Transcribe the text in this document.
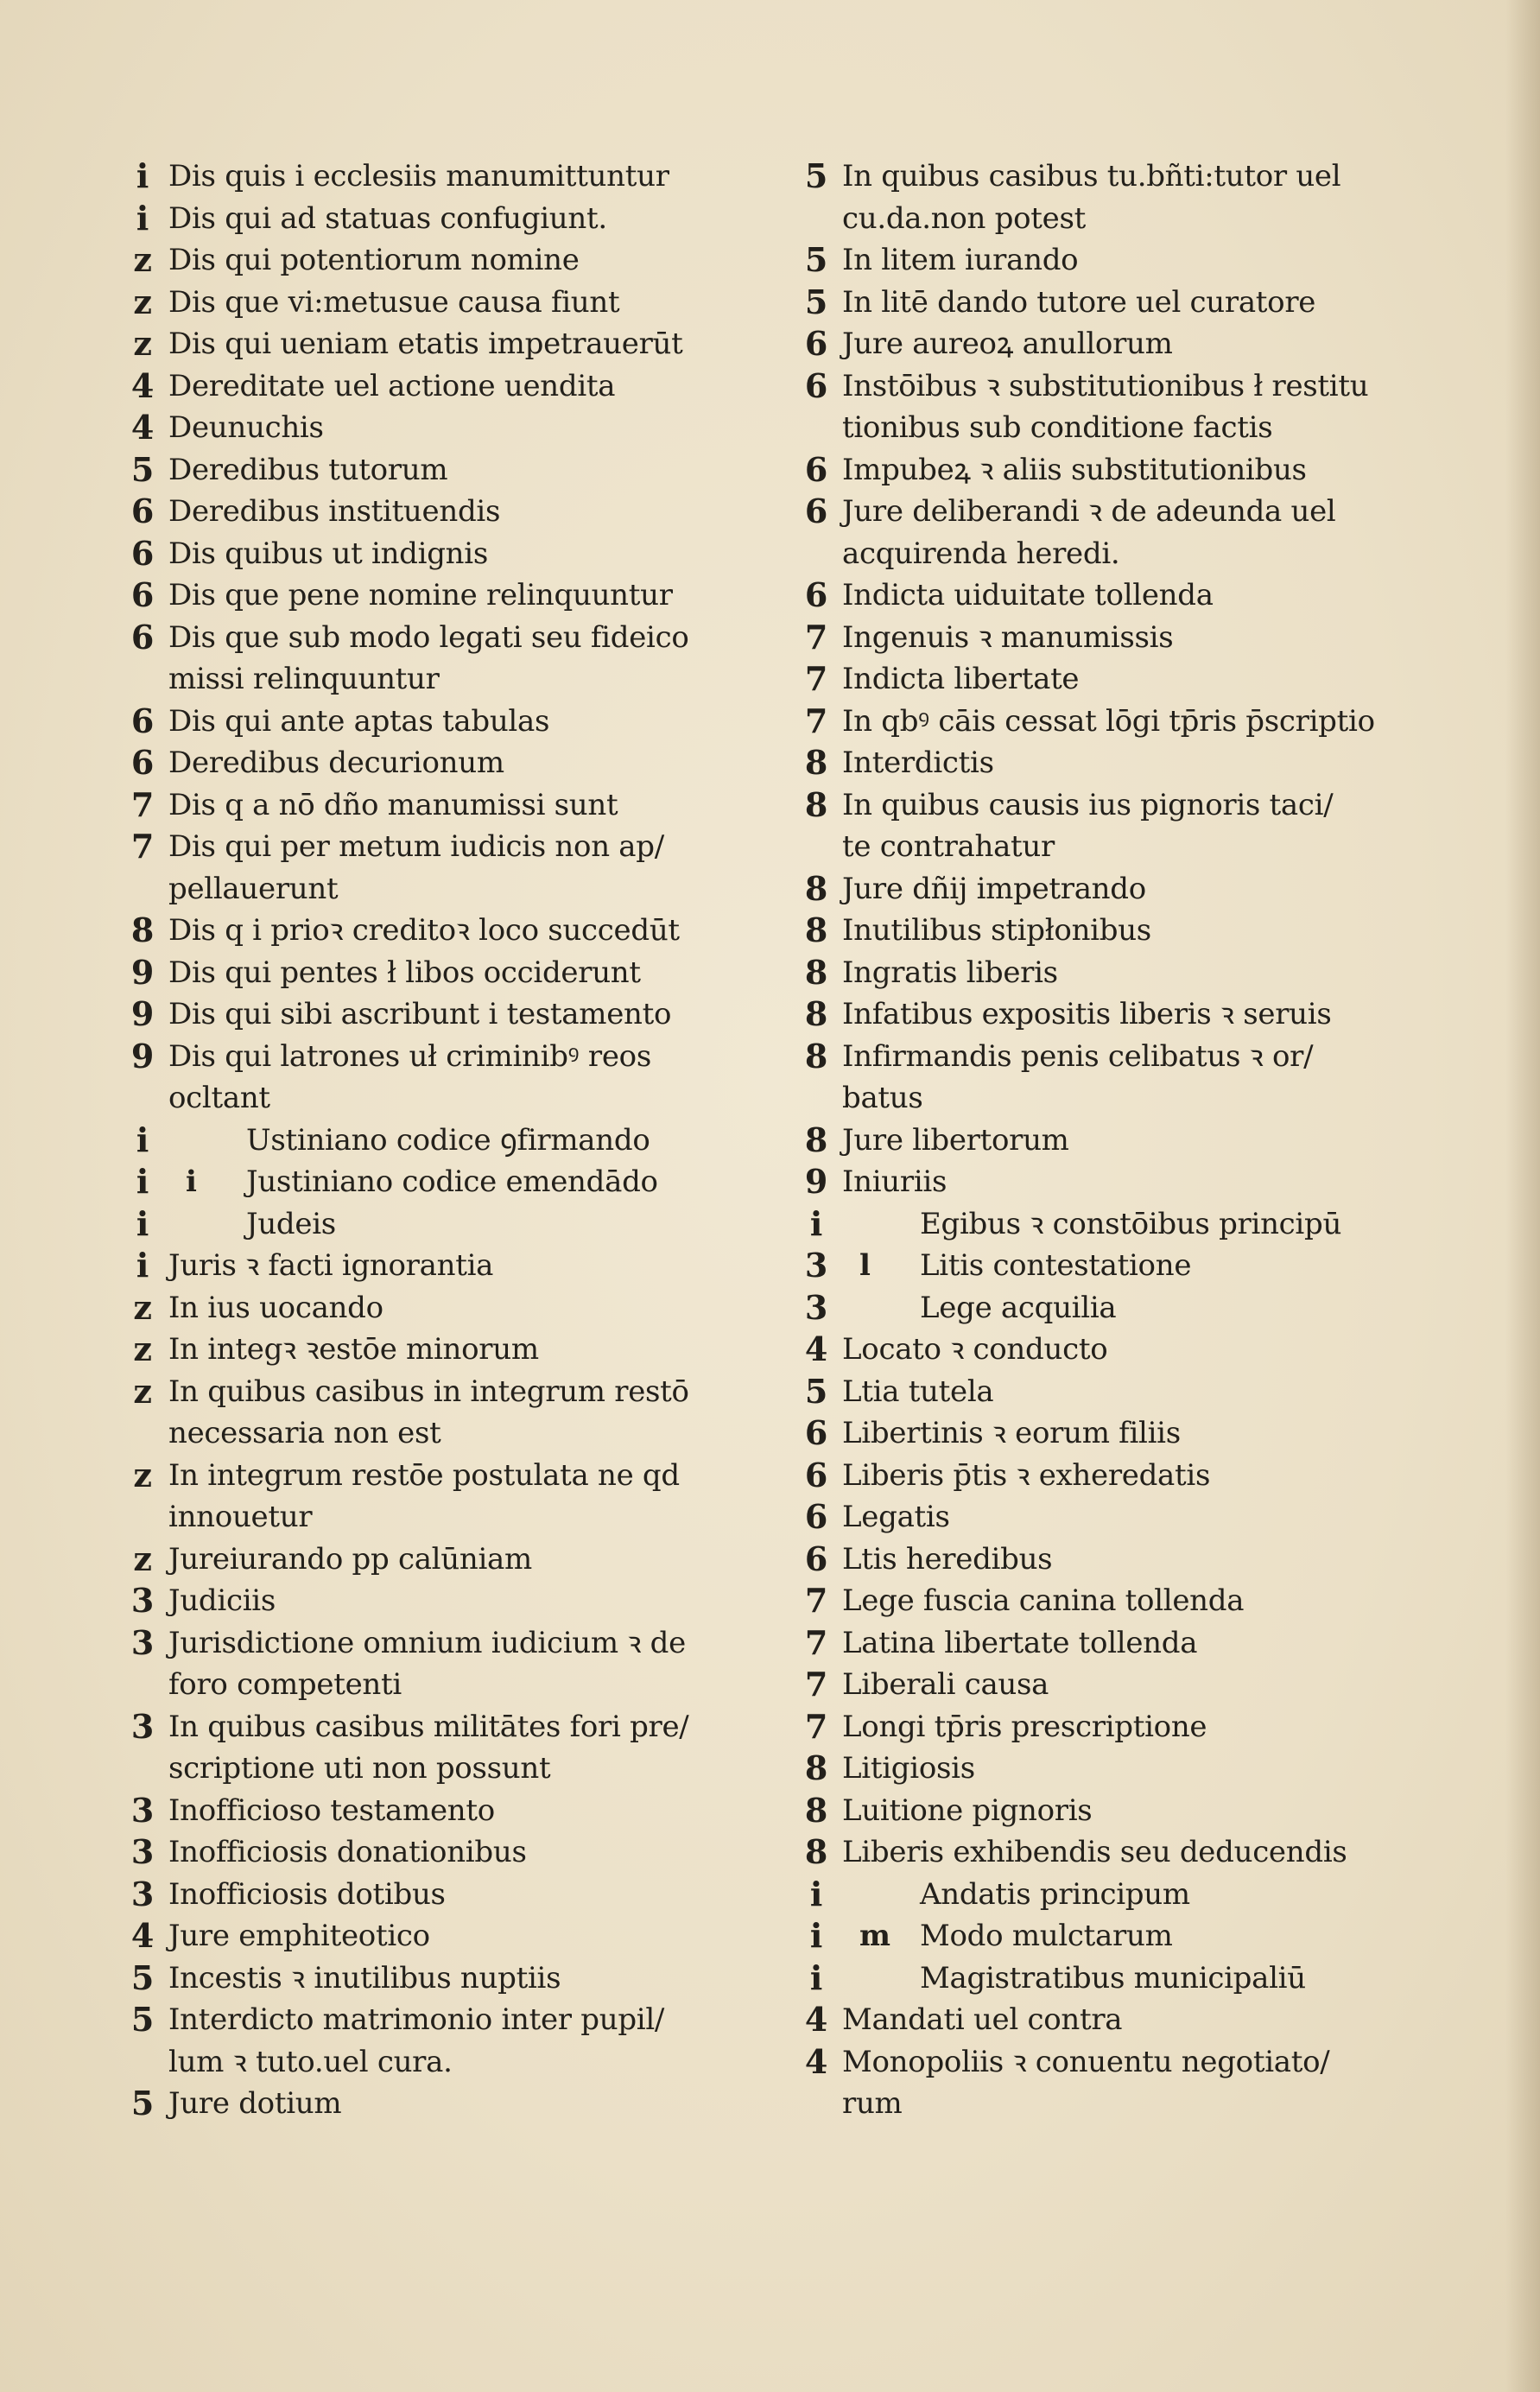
i Dis quis i ecclesiis manumittuntur
i Dis qui ad statuas confugiunt.
z Dis qui potentiorum nomine
z Dis que vi:metusue causa fiunt
z Dis qui ueniam etatis impetrauerūt
4 Dereditate uel actione uendita
4 Deunuchis
5 Deredibus tutorum
6 Deredibus instituendis
6 Dis quibus ut indignis
6 Dis que pene nomine relinquuntur
6 Dis que sub modo legati seu fideico
missi relinquuntur
6 Dis qui ante aptas tabulas
6 Deredibus decurionum
7 Dis q a nō dño manumissi sunt
7 Dis qui per metum iudicis non ap/
pellauerunt
8 Dis q i prioꝛ creditoꝛ loco succedūt
9 Dis qui pentes ł libos occiderunt
9 Dis qui sibi ascribunt i testamento
9 Dis qui latrones uł criminibꝰ reos
ocltant
i	Ustiniano codice ꝯfirmando
i	i Justiniano codice emendādo
i	Judeis
i Juris ꝛ facti ignorantia
z In ius uocando
z In integꝛ ꝛestōe minorum
z In quibus casibus in integrum restō
necessaria non est
z In integrum restōe postulata ne qd
innouetur
z Jureiurando pp calūniam
3 Judiciis
3 Jurisdictione omnium iudicium ꝛ de
foro competenti
3 In quibus casibus militātes fori pre/
scriptione uti non possunt
3 Inofficioso testamento
3 Inofficiosis donationibus
3 Inofficiosis dotibus
4 Jure emphiteotico
5 Incestis ꝛ inutilibus nuptiis
5 Interdicto matrimonio inter pupil/
lum ꝛ tuto.uel cura.
5 Jure dotium
5 In quibus casibus tu.bñti:tutor uel
cu.da.non potest
5 In litem iurando
5 In litē dando tutore uel curatore
6 Jure aureoꝝ anullorum
6 Instōibus ꝛ substitutionibus ł restitu
tionibus sub conditione factis
6 Impubeꝝ ꝛ aliis substitutionibus
6 Jure deliberandi ꝛ de adeunda uel
acquirenda heredi.
6 Indicta uiduitate tollenda
7 Ingenuis ꝛ manumissis
7 Indicta libertate
7 In qbꝰ cāis cessat lōgi tp̄ris p̄scriptio
8 Interdictis
8 In quibus causis ius pignoris taci/
te contrahatur
8 Jure dñij impetrando
8 Inutilibus stipłonibus
8 Ingratis liberis
8 Infatibus expositis liberis ꝛ seruis
8 Infirmandis penis celibatus ꝛ or/
batus
8 Jure libertorum
9 Iniuriis
i	Egibus ꝛ constōibus principū
3	l Litis contestatione
3	Lege acquilia
4 Locato ꝛ conducto
5 Ltia tutela
6 Libertinis ꝛ eorum filiis
6 Liberis p̄tis ꝛ exheredatis
6 Legatis
6 Ltis heredibus
7 Lege fuscia canina tollenda
7 Latina libertate tollenda
7 Liberali causa
7 Longi tp̄ris prescriptione
8 Litigiosis
8 Luitione pignoris
8 Liberis exhibendis seu deducendis
i	Andatis principum
i	m Modo mulctarum
i	Magistratibus municipaliū
4 Mandati uel contra
4 Monopoliis ꝛ conuentu negotiato/
rum
